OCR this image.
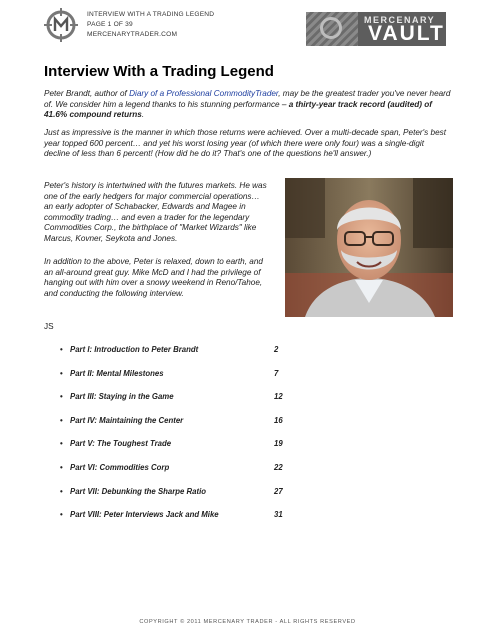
INTERVIEW WITH A TRADING LEGEND
PAGE 1 OF 39
MERCENARYTRADER.COM
MERCENARY
VAULT
Interview With a Trading Legend
Peter Brandt, author of Diary of a Professional CommodityTrader, may be the greatest trader you've never heard of. We consider him a legend thanks to his stunning performance – a thirty-year track record (audited) of 41.6% compound returns.
Just as impressive is the manner in which those returns were achieved. Over a multi-decade span, Peter's best year topped 600 percent… and yet his worst losing year (of which there were only four) was a single-digit decline of less than 6 percent! (How did he do it? That's one of the questions he'll answer.)
Peter's history is intertwined with the futures markets. He was one of the early hedgers for major commercial operations… an early adopter of Schabacker, Edwards and Magee in commodity trading… and even a trader for the legendary Commodities Corp., the birthplace of "Market Wizards" like Marcus, Kovner, Seykota and Jones.
In addition to the above, Peter is relaxed, down to earth, and an all-around great guy. Mike McD and I had the privilege of hanging out with him over a snowy weekend in Reno/Tahoe, and conducting the following interview.
JS
• Part I: Introduction to Peter Brandt	2
• Part II: Mental Milestones	7
• Part III: Staying in the Game	12
• Part IV: Maintaining the Center	16
• Part V: The Toughest Trade	19
• Part VI: Commodities Corp	22
• Part VII: Debunking the Sharpe Ratio	27
• Part VIII: Peter Interviews Jack and Mike	31
COPYRIGHT © 2011 MERCENARY TRADER - ALL RIGHTS RESERVED
